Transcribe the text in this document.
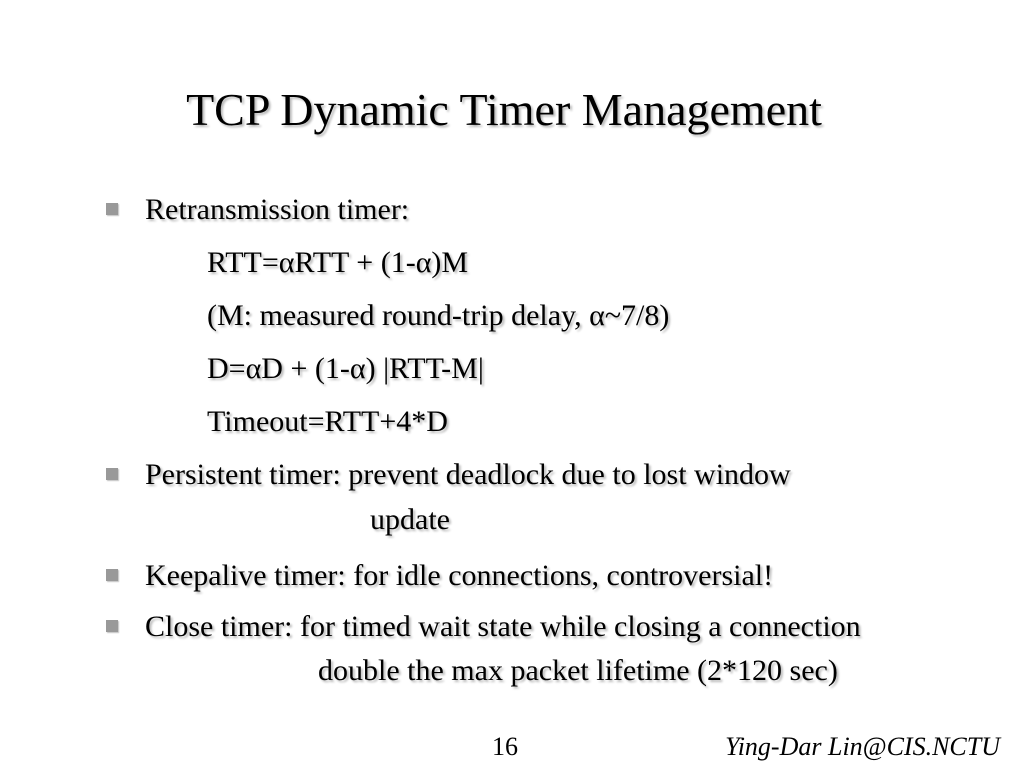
TCP Dynamic Timer Management
Retransmission timer:
RTT=αRTT + (1-α)M
(M: measured round-trip delay, α~7/8)
D=αD + (1-α) |RTT-M|
Timeout=RTT+4*D
Persistent timer: prevent deadlock due to lost window
update
Keepalive timer: for idle connections, controversial!
Close timer: for timed wait state while closing a connection
double the max packet lifetime (2*120 sec)
16	Ying-Dar Lin@CIS.NCTU
